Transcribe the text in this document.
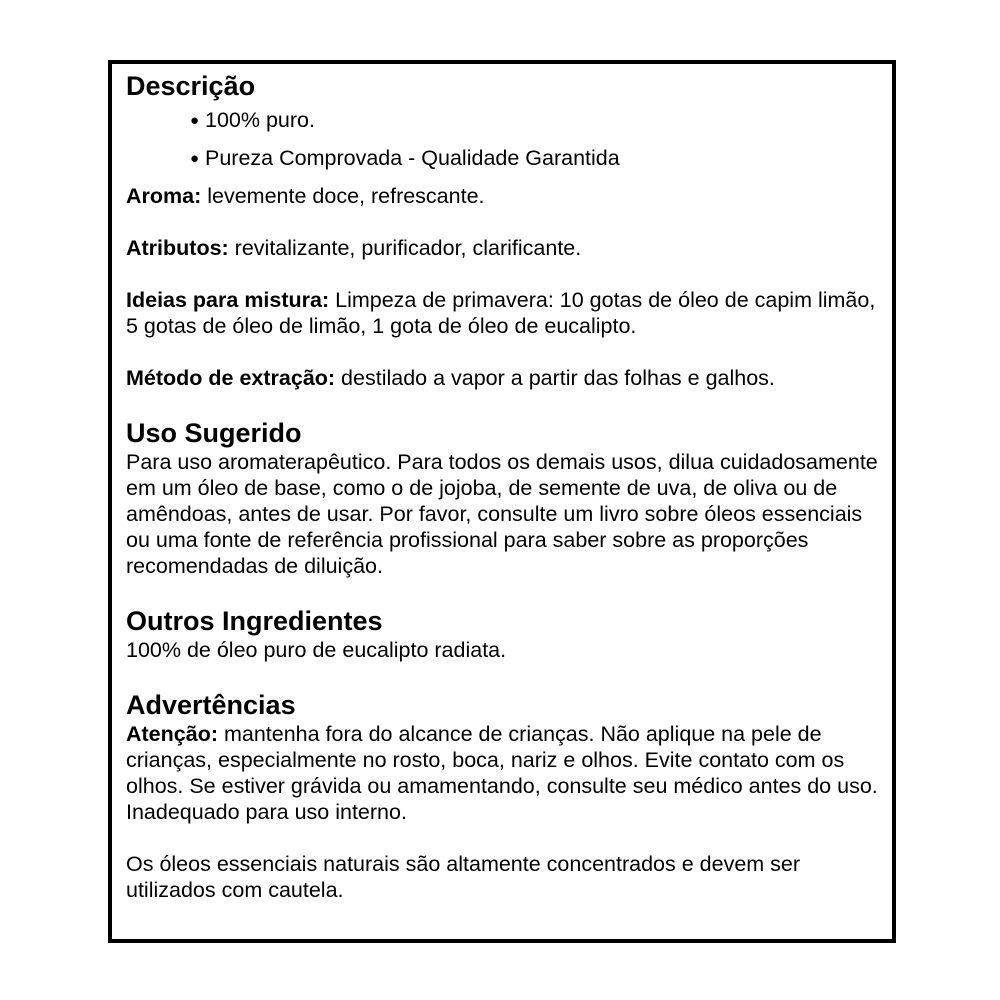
Descrição
● 100% puro.
● Pureza Comprovada - Qualidade Garantida

Aroma: levemente doce, refrescante.

Atributos: revitalizante, purificador, clarificante.

Ideias para mistura: Limpeza de primavera: 10 gotas de óleo de capim limão, 5 gotas de óleo de limão, 1 gota de óleo de eucalipto.

Método de extração: destilado a vapor a partir das folhas e galhos.

Uso Sugerido

Para uso aromaterapêutico. Para todos os demais usos, dilua cuidadosamente em um óleo de base, como o de jojoba, de semente de uva, de oliva ou de amêndoas, antes de usar. Por favor, consulte um livro sobre óleos essenciais ou uma fonte de referência profissional para saber sobre as proporções recomendadas de diluição.

Outros Ingredientes

100% de óleo puro de eucalipto radiata.

Advertências

Atenção: mantenha fora do alcance de crianças. Não aplique na pele de crianças, especialmente no rosto, boca, nariz e olhos. Evite contato com os olhos. Se estiver grávida ou amamentando, consulte seu médico antes do uso. Inadequado para uso interno.

Os óleos essenciais naturais são altamente concentrados e devem ser utilizados com cautela.
